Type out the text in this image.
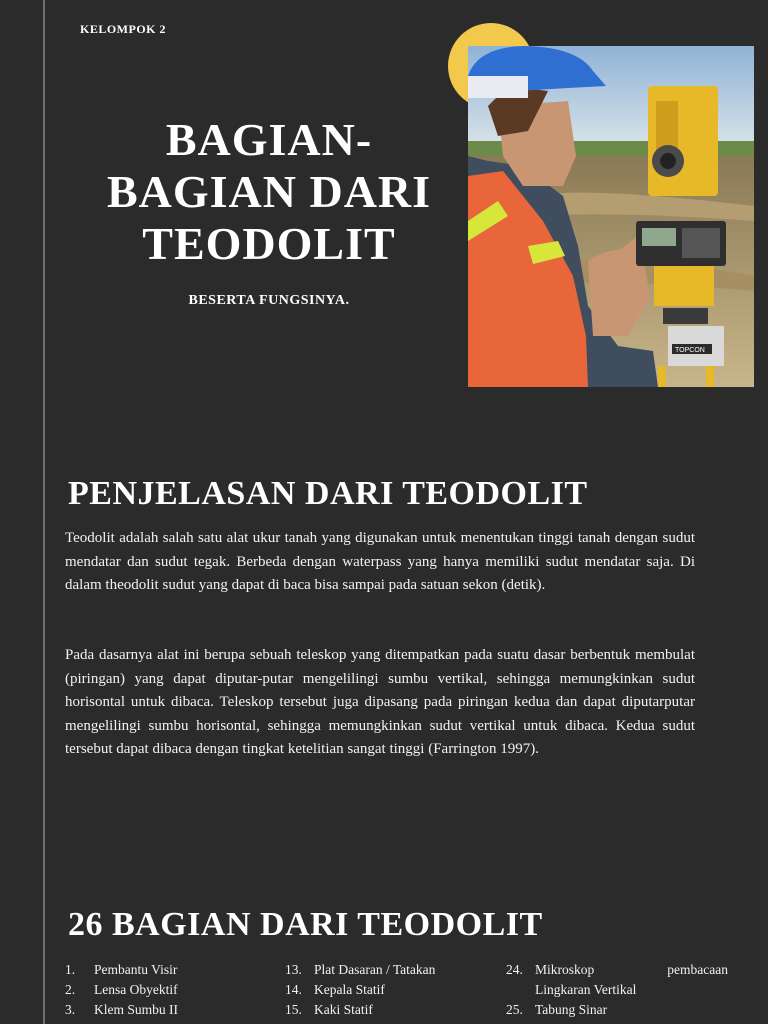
KELOMPOK 2
BAGIAN-
BAGIAN DARI
TEODOLIT
BESERTA FUNGSINYA.
TOPCON
PENJELASAN DARI TEODOLIT

Teodolit adalah salah satu alat ukur tanah yang digunakan untuk menentukan tinggi tanah dengan sudut mendatar dan sudut tegak. Berbeda dengan waterpass yang hanya memiliki sudut mendatar saja. Di dalam theodolit sudut yang dapat di baca bisa sampai pada satuan sekon (detik).

Pada dasarnya alat ini berupa sebuah teleskop yang ditempatkan pada suatu dasar berbentuk membulat (piringan) yang dapat diputar-putar mengelilingi sumbu vertikal, sehingga memungkinkan sudut horisontal untuk dibaca. Teleskop tersebut juga dipasang pada piringan kedua dan dapat diputarputar mengelilingi sumbu horisontal, sehingga memungkinkan sudut vertikal untuk dibaca. Kedua sudut tersebut dapat dibaca dengan tingkat ketelitian sangat tinggi (Farrington 1997).

26 BAGIAN DARI TEODOLIT
1.	Pembantu Visir
2.	Lensa Obyektif
3.	Klem Sumbu II
13. Plat Dasaran / Tatakan
14. Kepala Statif
15. Kaki Statif
24. Mikroskop	pembacaan
Lingkaran Vertikal
25. Tabung Sinar
